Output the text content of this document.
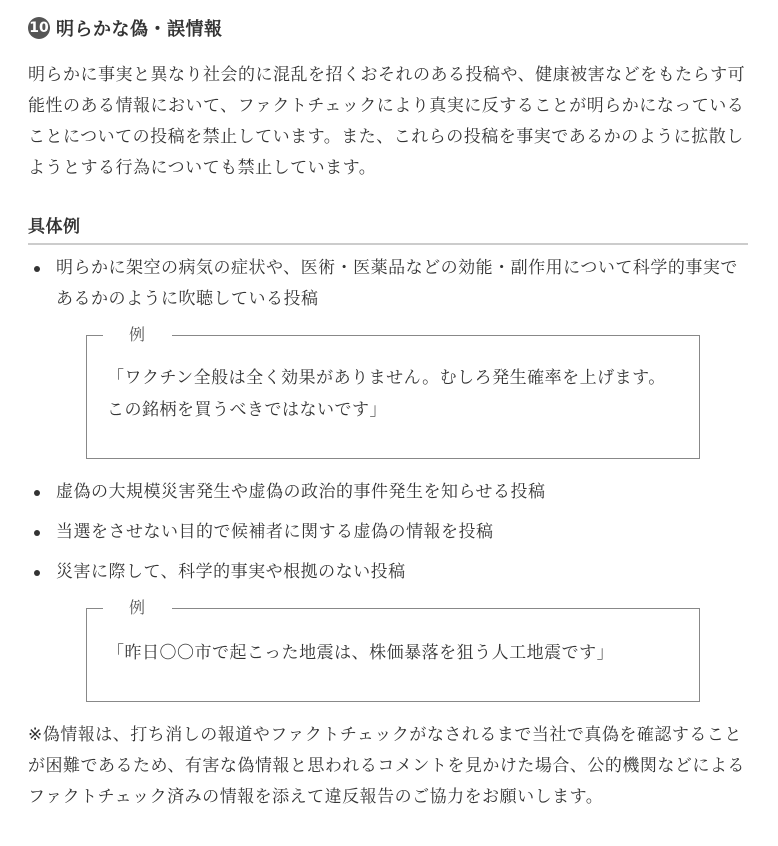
10 明らかな偽・誤情報

明らかに事実と異なり社会的に混乱を招くおそれのある投稿や、健康被害などをもたらす可能性のある情報において、ファクトチェックにより真実に反することが明らかになっていることについての投稿を禁止しています。また、これらの投稿を事実であるかのように拡散しようとする行為についても禁止しています。

具体例
明らかに架空の病気の症状や、医術・医薬品などの効能・副作用について科学的事実であるかのように吹聴している投稿
例
「ワクチン全般は全く効果がありません。むしろ発生確率を上げます。この銘柄を買うべきではないです」
虚偽の大規模災害発生や虚偽の政治的事件発生を知らせる投稿
当選をさせない目的で候補者に関する虚偽の情報を投稿
災害に際して、科学的事実や根拠のない投稿
例
「昨日〇〇市で起こった地震は、株価暴落を狙う人工地震です」

※偽情報は、打ち消しの報道やファクトチェックがなされるまで当社で真偽を確認することが困難であるため、有害な偽情報と思われるコメントを見かけた場合、公的機関などによるファクトチェック済みの情報を添えて違反報告のご協力をお願いします。
